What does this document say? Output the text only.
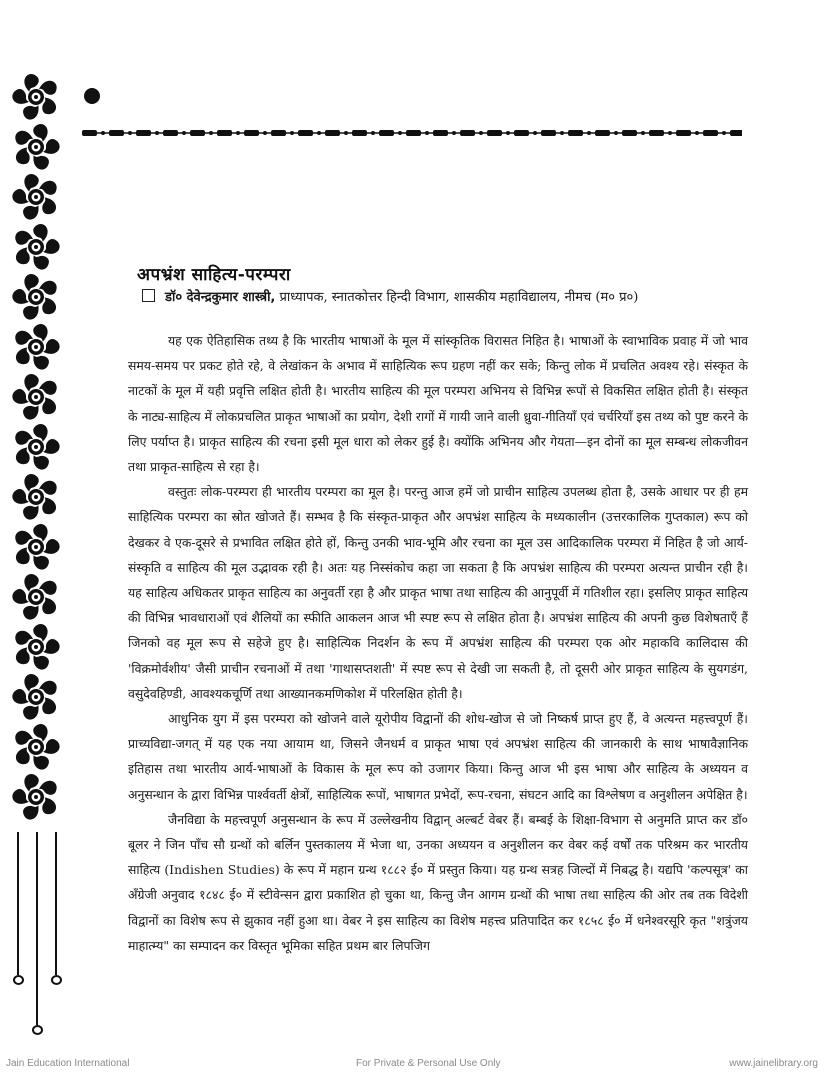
अपभ्रंश साहित्य-परम्परा
डॉ० देवेन्द्रकुमार शास्त्री, प्राध्यापक, स्नातकोत्तर हिन्दी विभाग, शासकीय महाविद्यालय, नीमच (म० प्र०)

यह एक ऐतिहासिक तथ्य है कि भारतीय भाषाओं के मूल में सांस्कृतिक विरासत निहित है। भाषाओं के स्वाभाविक प्रवाह में जो भाव समय-समय पर प्रकट होते रहे, वे लेखांकन के अभाव में साहित्यिक रूप ग्रहण नहीं कर सके; किन्तु लोक में प्रचलित अवश्य रहे। संस्कृत के नाटकों के मूल में यही प्रवृत्ति लक्षित होती है। भारतीय साहित्य की मूल परम्परा अभिनय से विभिन्न रूपों से विकसित लक्षित होती है। संस्कृत के नाट्य-साहित्य में लोकप्रचलित प्राकृत भाषाओं का प्रयोग, देशी रागों में गायी जाने वाली ध्रुवा-गीतियाँ एवं चर्चरियाँ इस तथ्य को पुष्ट करने के लिए पर्याप्त है। प्राकृत साहित्य की रचना इसी मूल धारा को लेकर हुई है। क्योंकि अभिनय और गेयता—इन दोनों का मूल सम्बन्ध लोकजीवन तथा प्राकृत-साहित्य से रहा है।

वस्तुतः लोक-परम्परा ही भारतीय परम्परा का मूल है। परन्तु आज हमें जो प्राचीन साहित्य उपलब्ध होता है, उसके आधार पर ही हम साहित्यिक परम्परा का स्रोत खोजते हैं। सम्भव है कि संस्कृत-प्राकृत और अपभ्रंश साहित्य के मध्यकालीन (उत्तरकालिक गुप्तकाल) रूप को देखकर वे एक-दूसरे से प्रभावित लक्षित होते हों, किन्तु उनकी भाव-भूमि और रचना का मूल उस आदिकालिक परम्परा में निहित है जो आर्य-संस्कृति व साहित्य की मूल उद्भावक रही है। अतः यह निस्संकोच कहा जा सकता है कि अपभ्रंश साहित्य की परम्परा अत्यन्त प्राचीन रही है। यह साहित्य अधिकतर प्राकृत साहित्य का अनुवर्ती रहा है और प्राकृत भाषा तथा साहित्य की आनुपूर्वी में गतिशील रहा। इसलिए प्राकृत साहित्य की विभिन्न भावधाराओं एवं शैलियों का स्फीति आकलन आज भी स्पष्ट रूप से लक्षित होता है। अपभ्रंश साहित्य की अपनी कुछ विशेषताएँ हैं जिनको वह मूल रूप से सहेजे हुए है। साहित्यिक निदर्शन के रूप में अपभ्रंश साहित्य की परम्परा एक ओर महाकवि कालिदास की 'विक्रमोर्वशीय' जैसी प्राचीन रचनाओं में तथा 'गाथासप्तशती' में स्पष्ट रूप से देखी जा सकती है, तो दूसरी ओर प्राकृत साहित्य के सुयगडंग, वसुदेवहिण्डी, आवश्यकचूर्णि तथा आख्यानकमणिकोश में परिलक्षित होती है।

आधुनिक युग में इस परम्परा को खोजने वाले यूरोपीय विद्वानों की शोध-खोज से जो निष्कर्ष प्राप्त हुए हैं, वे अत्यन्त महत्त्वपूर्ण हैं। प्राच्यविद्या-जगत् में यह एक नया आयाम था, जिसने जैनधर्म व प्राकृत भाषा एवं अपभ्रंश साहित्य की जानकारी के साथ भाषावैज्ञानिक इतिहास तथा भारतीय आर्य-भाषाओं के विकास के मूल रूप को उजागर किया। किन्तु आज भी इस भाषा और साहित्य के अध्ययन व अनुसन्धान के द्वारा विभिन्न पार्श्ववर्ती क्षेत्रों, साहित्यिक रूपों, भाषागत प्रभेदों, रूप-रचना, संघटन आदि का विश्लेषण व अनुशीलन अपेक्षित है।

जैनविद्या के महत्त्वपूर्ण अनुसन्धान के रूप में उल्लेखनीय विद्वान् अल्बर्ट वेबर हैं। बम्बई के शिक्षा-विभाग से अनुमति प्राप्त कर डॉ० बूलर ने जिन पाँच सौ ग्रन्थों को बर्लिन पुस्तकालय में भेजा था, उनका अध्ययन व अनुशीलन कर वेबर कई वर्षों तक परिश्रम कर भारतीय साहित्य (Indishen Studies) के रूप में महान ग्रन्थ १८८२ ई० में प्रस्तुत किया। यह ग्रन्थ सत्रह जिल्दों में निबद्ध है। यद्यपि 'कल्पसूत्र' का अँग्रेजी अनुवाद १८४८ ई० में स्टीवेन्सन द्वारा प्रकाशित हो चुका था, किन्तु जैन आगम ग्रन्थों की भाषा तथा साहित्य की ओर तब तक विदेशी विद्वानों का विशेष रूप से झुकाव नहीं हुआ था। वेबर ने इस साहित्य का विशेष महत्त्व प्रतिपादित कर १८५८ ई० में धनेश्वरसूरि कृत "शत्रुंजय माहात्म्य" का सम्पादन कर विस्तृत भूमिका सहित प्रथम बार लिपजिग

Jain Education International	For Private & Personal Use Only	www.jainelibrary.org
